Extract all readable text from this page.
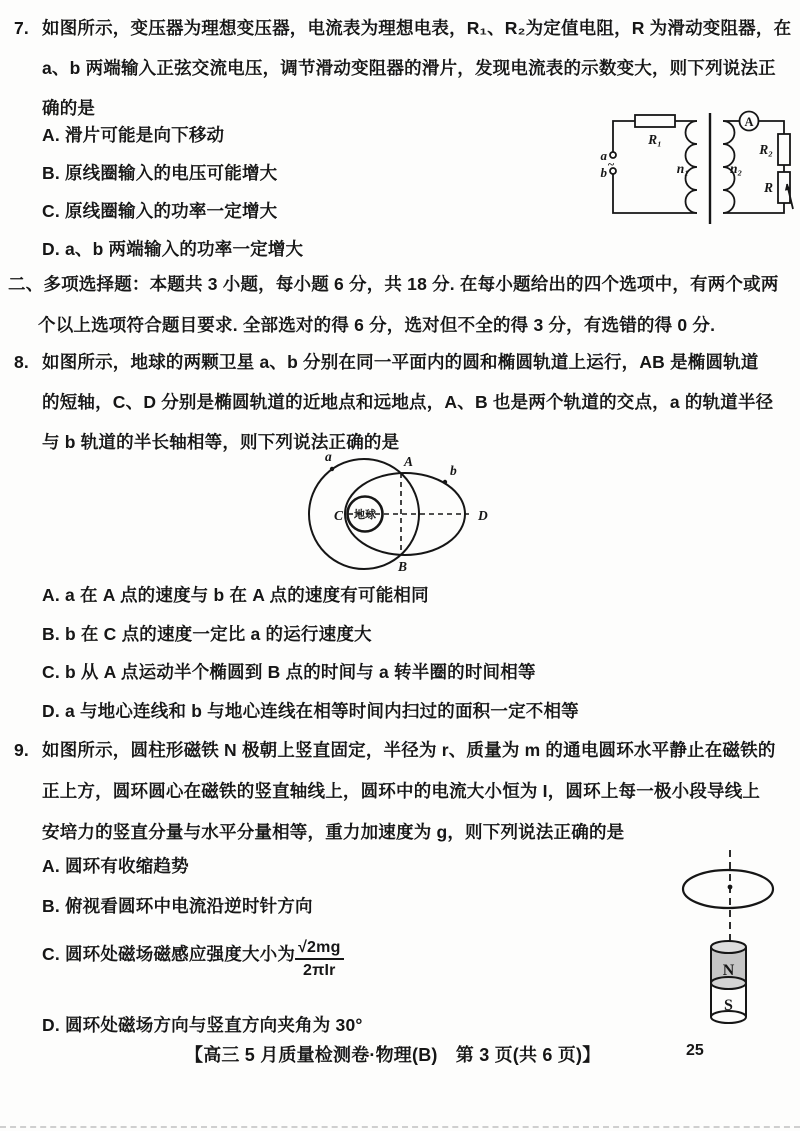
7. 如图所示，变压器为理想变压器，电流表为理想电表，R₁、R₂为定值电阻，R 为滑动变阻器，在
a、b 两端输入正弦交流电压，调节滑动变阻器的滑片，发现电流表的示数变大，则下列说法正
确的是
A. 滑片可能是向下移动
B. 原线圈输入的电压可能增大
C. 原线圈输入的功率一定增大
D. a、b 两端输入的功率一定增大
a
b
~
R₁
n₁	n₂
A
R₂
R
二、多项选择题：本题共 3 小题，每小题 6 分，共 18 分. 在每小题给出的四个选项中，有两个或两
个以上选项符合题目要求. 全部选对的得 6 分，选对但不全的得 3 分，有选错的得 0 分.
8. 如图所示，地球的两颗卫星 a、b 分别在同一平面内的圆和椭圆轨道上运行，AB 是椭圆轨道
的短轴，C、D 分别是椭圆轨道的近地点和远地点，A、B 也是两个轨道的交点，a 的轨道半径
与 b 轨道的半长轴相等，则下列说法正确的是
a
b
A
B
C	D
地球
A. a 在 A 点的速度与 b 在 A 点的速度有可能相同
B. b 在 C 点的速度一定比 a 的运行速度大
C. b 从 A 点运动半个椭圆到 B 点的时间与 a 转半圈的时间相等
D. a 与地心连线和 b 与地心连线在相等时间内扫过的面积一定不相等
9. 如图所示，圆柱形磁铁 N 极朝上竖直固定，半径为 r、质量为 m 的通电圆环水平静止在磁铁的
正上方，圆环圆心在磁铁的竖直轴线上，圆环中的电流大小恒为 I，圆环上每一极小段导线上
安培力的竖直分量与水平分量相等，重力加速度为 g，则下列说法正确的是
A. 圆环有收缩趋势
B. 俯视看圆环中电流沿逆时针方向
C. 圆环处磁场磁感应强度大小为 $\frac{√2mg}{\text{2πIr}}$
D. 圆环处磁场方向与竖直方向夹角为 30°
N
S
【高三 5 月质量检测卷·物理(B)　第 3 页(共 6 页)】	25
